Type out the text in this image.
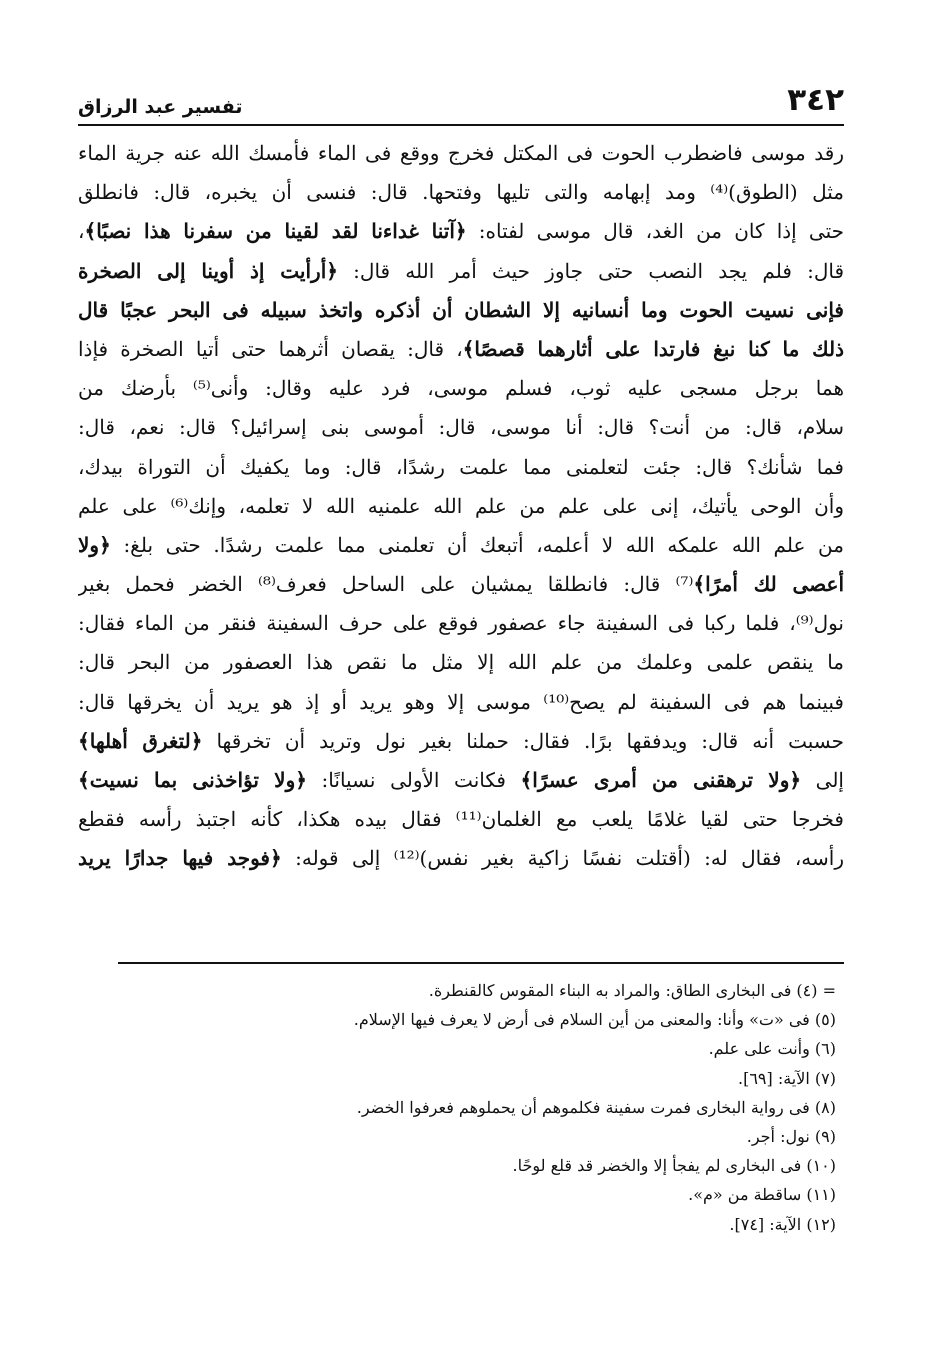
٣٤٢
تفسير عبد الرزاق
رقد موسى فاضطرب الحوت فى المكتل فخرج ووقع فى الماء فأمسك الله عنه جرية الماء
مثل (الطوق)⁽⁴⁾ ومد إبهامه والتى تليها وفتحها. قال: فنسى أن يخبره، قال: فانطلق
حتى إذا كان من الغد، قال موسى لفتاه: ﴿آتنا غداءنا لقد لقينا من سفرنا هذا نصبًا﴾،
قال: فلم يجد النصب حتى جاوز حيث أمر الله قال: ﴿أرأيت إذ أوينا إلى الصخرة
فإنى نسيت الحوت وما أنسانيه إلا الشطان أن أذكره واتخذ سبيله فى البحر عجبًا قال
ذلك ما كنا نبغ فارتدا على أثارهما قصصًا﴾، قال: يقصان أثرهما حتى أتيا الصخرة فإذا
هما برجل مسجى عليه ثوب، فسلم موسى، فرد عليه وقال: وأنى⁽⁵⁾ بأرضك من
سلام، قال: من أنت؟ قال: أنا موسى، قال: أموسى بنى إسرائيل؟ قال: نعم، قال:
فما شأنك؟ قال: جئت لتعلمنى مما علمت رشدًا، قال: وما يكفيك أن التوراة بيدك،
وأن الوحى يأتيك، إنى على علم من علم الله علمنيه الله لا تعلمه، وإنك⁽⁶⁾ على علم
من علم الله علمكه الله لا أعلمه، أتبعك أن تعلمنى مما علمت رشدًا. حتى بلغ: ﴿ولا
أعصى لك أمرًا﴾⁽⁷⁾ قال: فانطلقا يمشيان على الساحل فعرف⁽⁸⁾ الخضر فحمل بغير
نول⁽⁹⁾، فلما ركبا فى السفينة جاء عصفور فوقع على حرف السفينة فنقر من الماء فقال:
ما ينقص علمى وعلمك من علم الله إلا مثل ما نقص هذا العصفور من البحر قال:
فبينما هم فى السفينة لم يصح⁽¹⁰⁾ موسى إلا وهو يريد أو إذ هو يريد أن يخرقها قال:
حسبت أنه قال: ويدفقها برًا. فقال: حملنا بغير نول وتريد أن تخرقها ﴿لتغرق أهلها﴾
إلى ﴿ولا ترهقنى من أمرى عسرًا﴾ فكانت الأولى نسيانًا: ﴿ولا تؤاخذنى بما نسيت﴾
فخرجا حتى لقيا غلامًا يلعب مع الغلمان⁽¹¹⁾ فقال بيده هكذا، كأنه اجتبذ رأسه فقطع
رأسه، فقال له: (أقتلت نفسًا زاكية بغير نفس)⁽¹²⁾ إلى قوله: ﴿فوجد فيها جدارًا يريد
= (٤) فى البخارى الطاق: والمراد به البناء المقوس كالقنطرة.
(٥) فى «ت» وأنا: والمعنى من أين السلام فى أرض لا يعرف فيها الإسلام.
(٦) وأنت على علم.
(٧) الآية: [٦٩].
(٨) فى رواية البخارى فمرت سفينة فكلموهم أن يحملوهم فعرفوا الخضر.
(٩) نول: أجر.
(١٠) فى البخارى لم يفجأ إلا والخضر قد قلع لوحًا.
(١١) ساقطة من «م».
(١٢) الآية: [٧٤].
